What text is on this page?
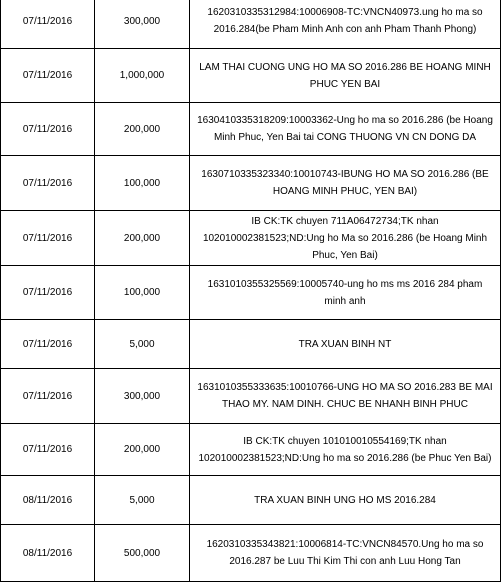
07/11/2016	300,000	1620310335312984:10006908-TC:VNCN40973.ung ho ma so 2016.284(be Pham Minh Anh con anh Pham Thanh Phong)
07/11/2016	1,000,000	LAM THAI CUONG UNG HO MA SO 2016.286 BE HOANG MINH PHUC YEN BAI
07/11/2016	200,000	1630410335318209:10003362-Ung ho ma so 2016.286 (be Hoang Minh Phuc, Yen Bai tai CONG THUONG VN CN DONG DA
07/11/2016	100,000	1630710335323340:10010743-IBUNG HO MA SO 2016.286 (BE HOANG MINH PHUC, YEN BAI)
07/11/2016	200,000	IB CK:TK chuyen 711A06472734;TK nhan 102010002381523;ND:Ung ho Ma so 2016.286 (be Hoang Minh Phuc, Yen Bai)
07/11/2016	100,000	1631010355325569:10005740-ung ho ms ms 2016 284 pham minh anh
07/11/2016	5,000	TRA XUAN BINH NT
07/11/2016	300,000	1631010355333635:10010766-UNG HO MA SO 2016.283 BE MAI THAO MY. NAM DINH. CHUC BE NHANH BINH PHUC
07/11/2016	200,000	IB CK:TK chuyen 101010010554169;TK nhan 102010002381523;ND:Ung ho ma so 2016.286 (be Phuc Yen Bai)
08/11/2016	5,000	TRA XUAN BINH UNG HO MS 2016.284
08/11/2016	500,000	1620310335343821:10006814-TC:VNCN84570.Ung ho ma so 2016.287 be Luu Thi Kim Thi con anh Luu Hong Tan
